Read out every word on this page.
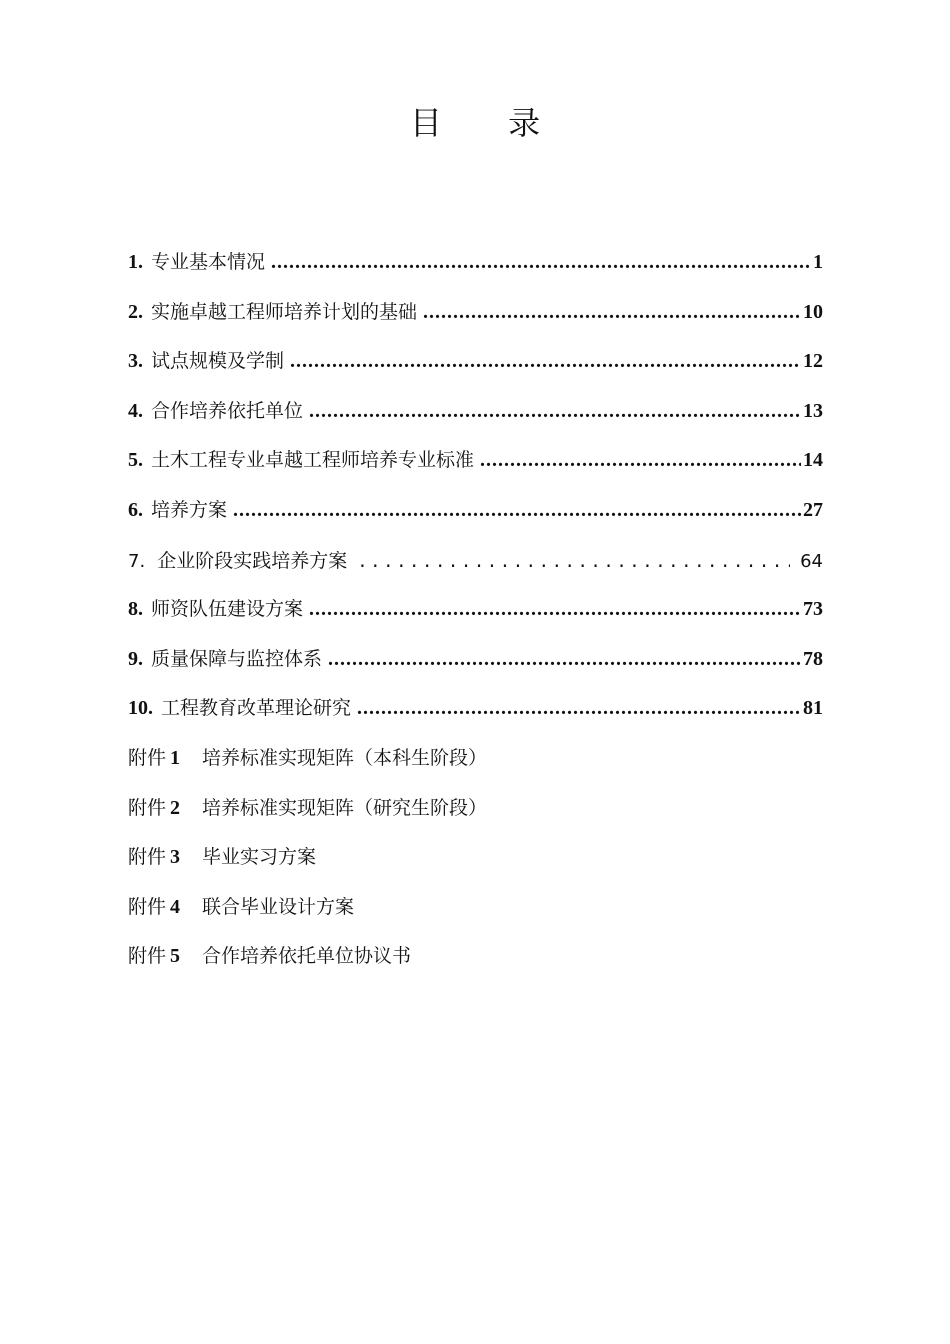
目 录
1. 专业基本情况 .....	1
2. 实施卓越工程师培养计划的基础 .....	10
3. 试点规模及学制 .....	12
4. 合作培养依托单位 .....	13
5. 土木工程专业卓越工程师培养专业标准 .....	14
6. 培养方案 .....	27
7. 企业阶段实践培养方案 .....	64
8. 师资队伍建设方案 .....	73
9. 质量保障与监控体系 .....	78
10. 工程教育改革理论研究 .....	81
附件 1	培养标准实现矩阵（本科生阶段）
附件 2	培养标准实现矩阵（研究生阶段）
附件 3	毕业实习方案
附件 4	联合毕业设计方案
附件 5	合作培养依托单位协议书
